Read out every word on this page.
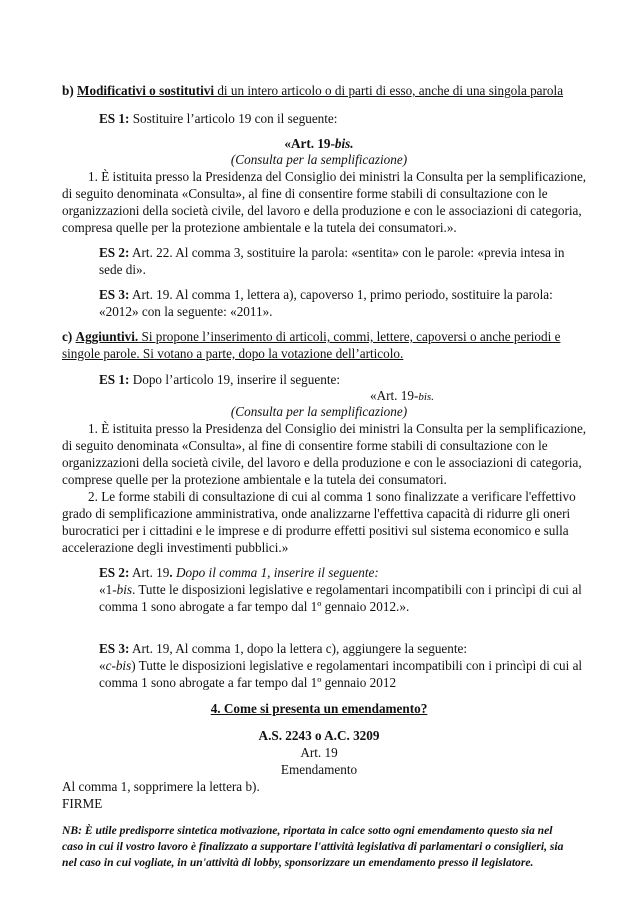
b) Modificativi o sostitutivi di un intero articolo o di parti di esso, anche di una singola parola
ES 1: Sostituire l’articolo 19 con il seguente:
«Art. 19-bis.
(Consulta per la semplificazione)
1. È istituita presso la Presidenza del Consiglio dei ministri la Consulta per la semplificazione,
di seguito denominata «Consulta», al fine di consentire forme stabili di consultazione con le
organizzazioni della società civile, del lavoro e della produzione e con le associazioni di categoria,
compresa quelle per la protezione ambientale e la tutela dei consumatori.».
ES 2: Art. 22. Al comma 3, sostituire la parola: «sentita» con le parole: «previa intesa in
sede di».
ES 3: Art. 19. Al comma 1, lettera a), capoverso 1, primo periodo, sostituire la parola:
«2012» con la seguente: «2011».
c) Aggiuntivi. Si propone l’inserimento di articoli, commi, lettere, capoversi o anche periodi e
singole parole. Si votano a parte, dopo la votazione dell’articolo.
ES 1: Dopo l’articolo 19, inserire il seguente:
«Art. 19-bis.
(Consulta per la semplificazione)
1. È istituita presso la Presidenza del Consiglio dei ministri la Consulta per la semplificazione,
di seguito denominata «Consulta», al fine di consentire forme stabili di consultazione con le
organizzazioni della società civile, del lavoro e della produzione e con le associazioni di categoria,
comprese quelle per la protezione ambientale e la tutela dei consumatori.
2. Le forme stabili di consultazione di cui al comma 1 sono finalizzate a verificare l'effettivo
grado di semplificazione amministrativa, onde analizzarne l'effettiva capacità di ridurre gli oneri
burocratici per i cittadini e le imprese e di produrre effetti positivi sul sistema economico e sulla
accelerazione degli investimenti pubblici.»
ES 2: Art. 19. Dopo il comma 1, inserire il seguente:
«1-bis. Tutte le disposizioni legislative e regolamentari incompatibili con i princìpi di cui al
comma 1 sono abrogate a far tempo dal 1º gennaio 2012.».
ES 3: Art. 19, Al comma 1, dopo la lettera c), aggiungere la seguente:
«c-bis) Tutte le disposizioni legislative e regolamentari incompatibili con i princìpi di cui al
comma 1 sono abrogate a far tempo dal 1º gennaio 2012
4. Come si presenta un emendamento?
A.S. 2243 o A.C. 3209
Art. 19
Emendamento
Al comma 1, sopprimere la lettera b).
FIRME
NB: È utile predisporre sintetica motivazione, riportata in calce sotto ogni emendamento questo sia nel
caso in cui il vostro lavoro è finalizzato a supportare l'attività legislativa di parlamentari o consiglieri, sia
nel caso in cui vogliate, in un'attività di lobby, sponsorizzare un emendamento presso il legislatore.
